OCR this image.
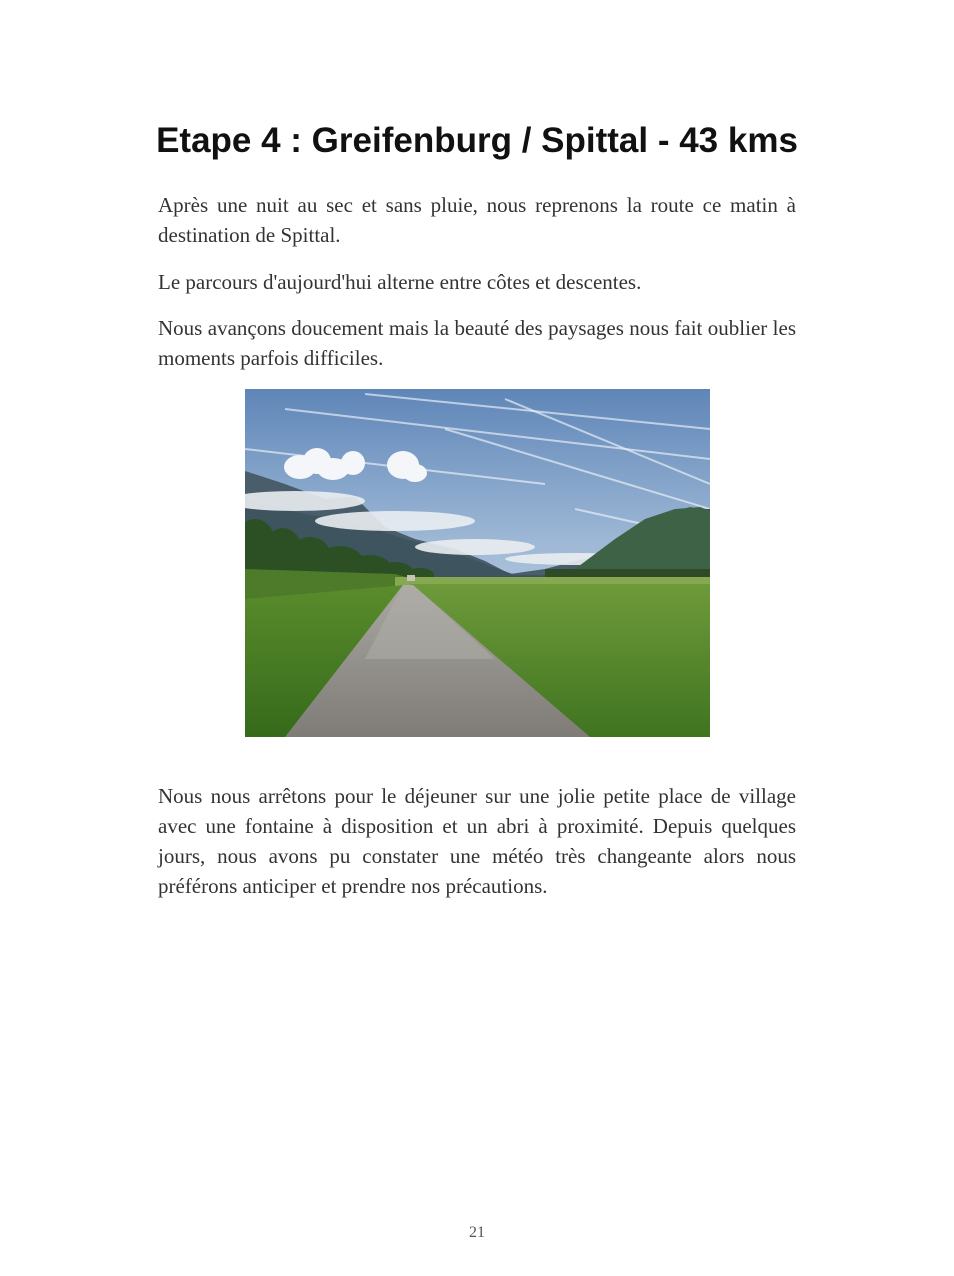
Etape 4 : Greifenburg / Spittal - 43 kms

Après une nuit au sec et sans pluie, nous reprenons la route ce matin à destination de Spittal.

Le parcours d'aujourd'hui alterne entre côtes et descentes.

Nous avançons doucement mais la beauté des paysages nous fait oublier les moments parfois difficiles.

Nous nous arrêtons pour le déjeuner sur une jolie petite place de village avec une fontaine à disposition et un abri à proximité. Depuis quelques jours, nous avons pu constater une météo très changeante alors nous préférons anticiper et prendre nos précautions.

21
